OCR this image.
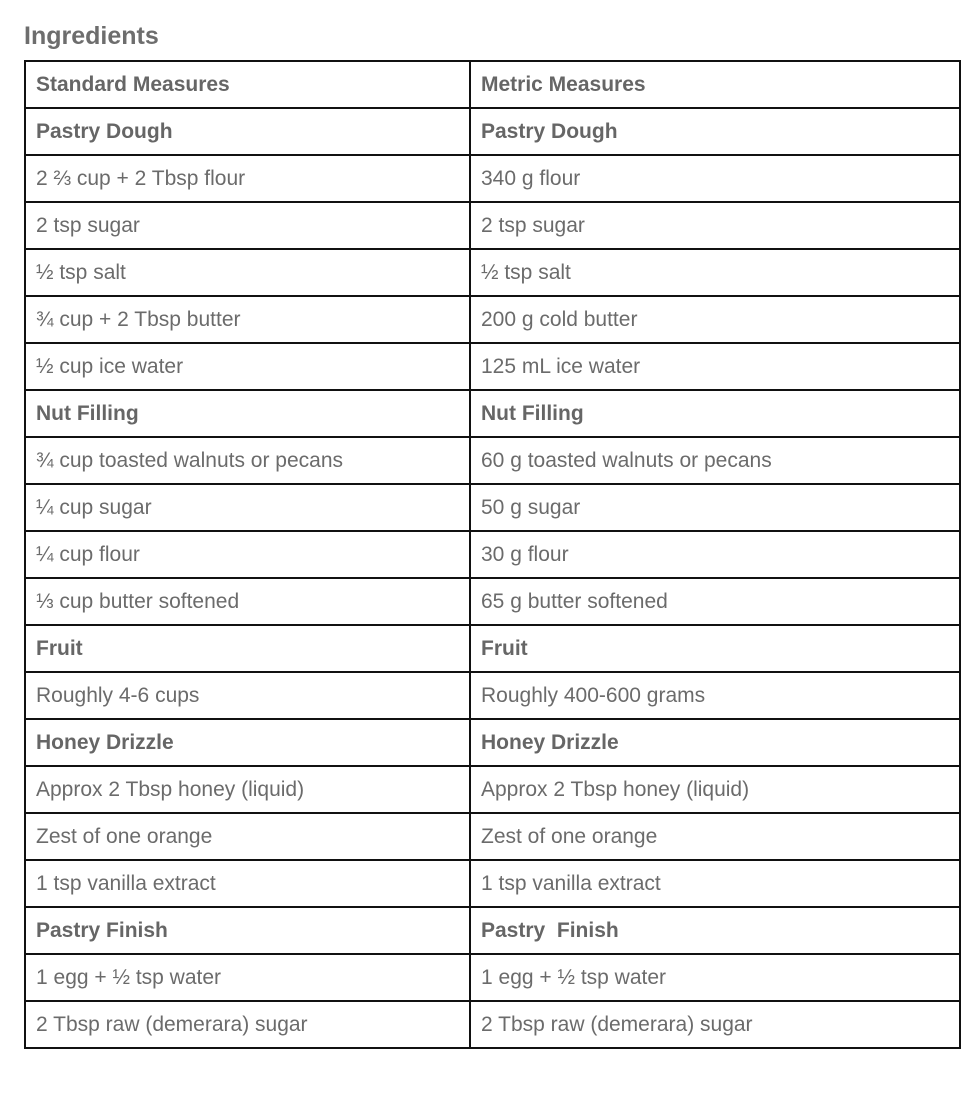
Ingredients
Standard Measures	Metric Measures
Pastry Dough	Pastry Dough
2 ⅔ cup + 2 Tbsp flour	340 g flour
2 tsp sugar	2 tsp sugar
½ tsp salt	½ tsp salt
¾ cup + 2 Tbsp butter	200 g cold butter
½ cup ice water	125 mL ice water
Nut Filling	Nut Filling
¾ cup toasted walnuts or pecans	60 g toasted walnuts or pecans
¼ cup sugar	50 g sugar
¼ cup flour	30 g flour
⅓ cup butter softened	65 g butter softened
Fruit	Fruit
Roughly 4-6 cups	Roughly 400-600 grams
Honey Drizzle	Honey Drizzle
Approx 2 Tbsp honey (liquid)	Approx 2 Tbsp honey (liquid)
Zest of one orange	Zest of one orange
1 tsp vanilla extract	1 tsp vanilla extract
Pastry Finish	Pastry  Finish
1 egg + ½ tsp water	1 egg + ½ tsp water
2 Tbsp raw (demerara) sugar	2 Tbsp raw (demerara) sugar
